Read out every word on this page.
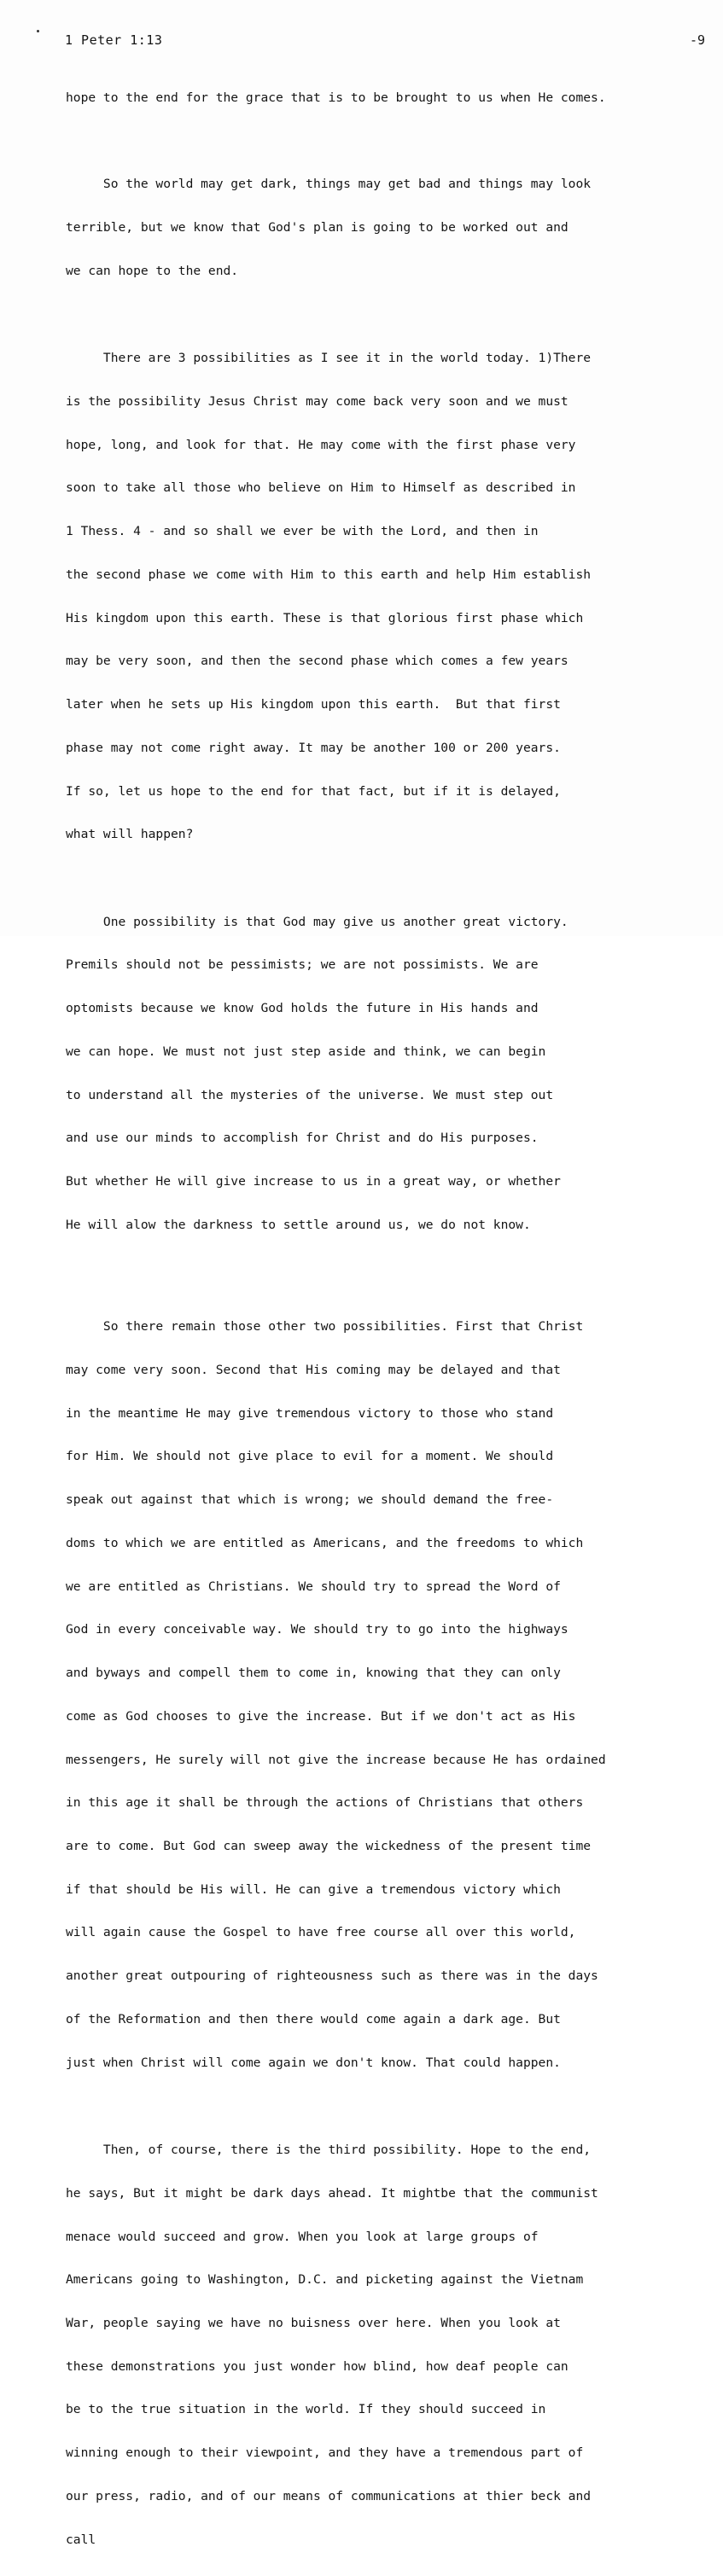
1 Peter 1:13	-9

hope to the end for the grace that is to be brought to us when He comes.

So the world may get dark, things may get bad and things may look

terrible, but we know that God's plan is going to be worked out and

we can hope to the end.

There are 3 possibilities as I see it in the world today. 1)There

is the possibility Jesus Christ may come back very soon and we must

hope, long, and look for that. He may come with the first phase very

soon to take all those who believe on Him to Himself as described in

1 Thess. 4 - and so shall we ever be with the Lord, and then in

the second phase we come with Him to this earth and help Him establish

His kingdom upon this earth. These is that glorious first phase which

may be very soon, and then the second phase which comes a few years

later when he sets up His kingdom upon this earth.  But that first

phase may not come right away. It may be another 100 or 200 years.

If so, let us hope to the end for that fact, but if it is delayed,

what will happen?

One possibility is that God may give us another great victory.

Premils should not be pessimists; we are not possimists. We are

optomists because we know God holds the future in His hands and

we can hope. We must not just step aside and think, we can begin

to understand all the mysteries of the universe. We must step out

and use our minds to accomplish for Christ and do His purposes.

But whether He will give increase to us in a great way, or whether

He will alow the darkness to settle around us, we do not know.

So there remain those other two possibilities. First that Christ

may come very soon. Second that His coming may be delayed and that

in the meantime He may give tremendous victory to those who stand

for Him. We should not give place to evil for a moment. We should

speak out against that which is wrong; we should demand the free-

doms to which we are entitled as Americans, and the freedoms to which

we are entitled as Christians. We should try to spread the Word of

God in every conceivable way. We should try to go into the highways

and byways and compell them to come in, knowing that they can only

come as God chooses to give the increase. But if we don't act as His

messengers, He surely will not give the increase because He has ordained

in this age it shall be through the actions of Christians that others

are to come. But God can sweep away the wickedness of the present time

if that should be His will. He can give a tremendous victory which

will again cause the Gospel to have free course all over this world,

another great outpouring of righteousness such as there was in the days

of the Reformation and then there would come again a dark age. But

just when Christ will come again we don't know. That could happen.

Then, of course, there is the third possibility. Hope to the end,

he says, But it might be dark days ahead. It mightbe that the communist

menace would succeed and grow. When you look at large groups of

Americans going to Washington, D.C. and picketing against the Vietnam

War, people saying we have no buisness over here. When you look at

these demonstrations you just wonder how blind, how deaf people can

be to the true situation in the world. If they should succeed in

winning enough to their viewpoint, and they have a tremendous part of

our press, radio, and of our means of communications at thier beck and

call
